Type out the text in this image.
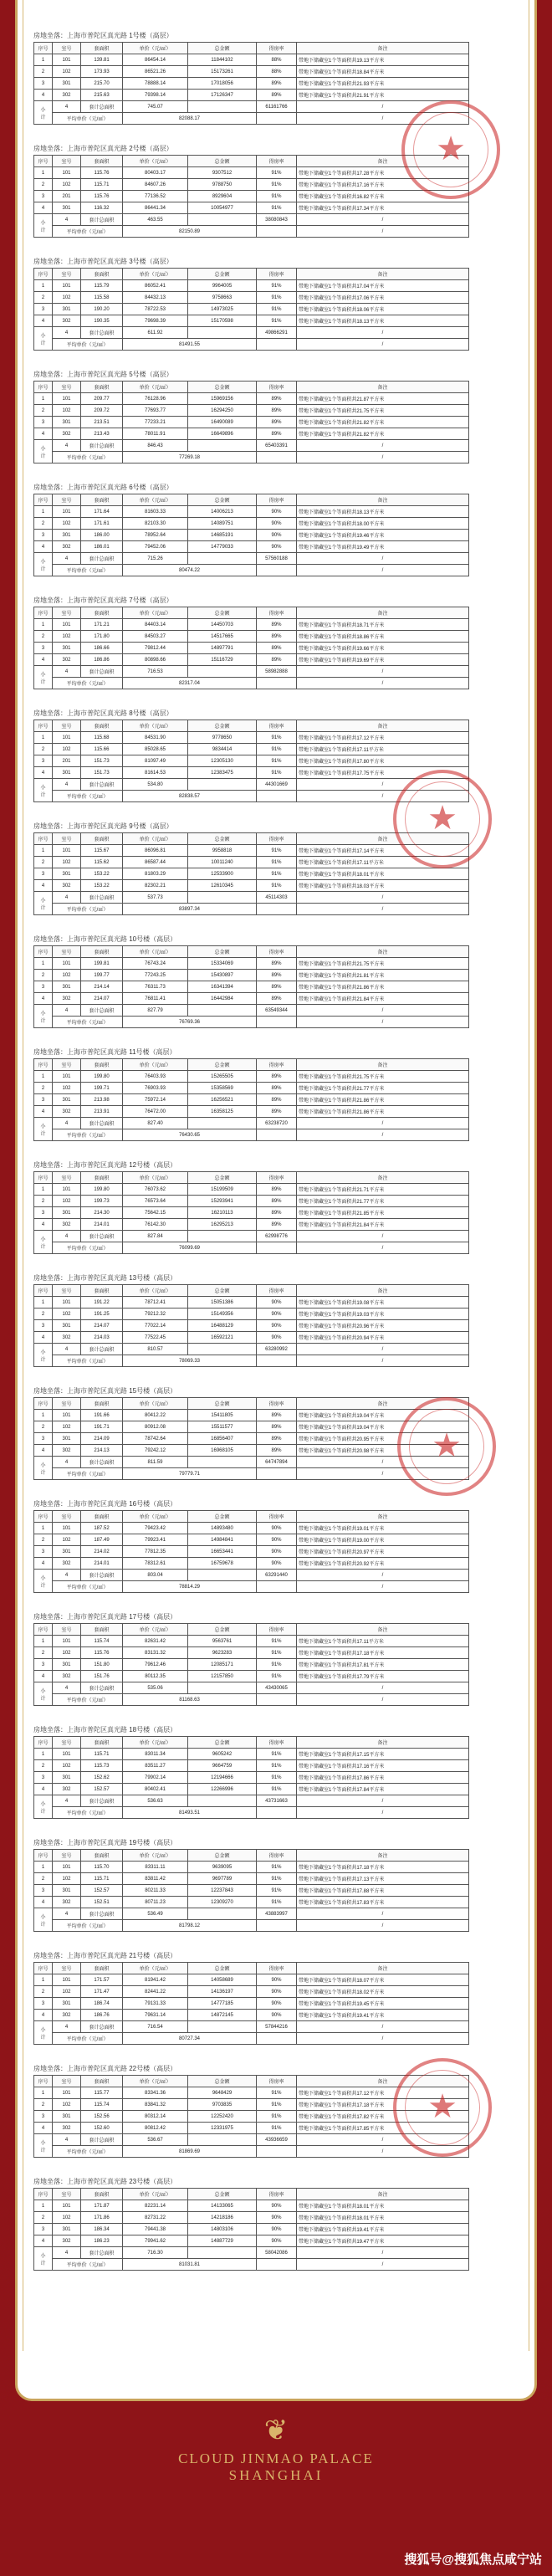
房地坐落：上海市普陀区真光路 1号楼（高层）
序号	室号	套面积	单价（元/㎡）	总金额	得房率	备注
1	101	139.81	86454.14	11844102	88%	带地下储藏室1个等面积共19.13平方米
2	102	173.93	86521.26	15173261	88%	带地下储藏室1个等面积共18.84平方米
3	301	215.70	78888.14	17018056	89%	带地下储藏室1个等面积共21.93平方米
4	302	215.63	79398.14	17126347	89%	带地下储藏室1个等面积共21.91平方米

小
计	4	套计总面积	745.07		61161766	/
	平均单价（元/㎡）		82088.17			/
房地坐落：上海市普陀区真光路 2号楼（高层）
序号	室号	套面积	单价（元/㎡）	总金额	得房率	备注
1	101	115.76	80403.17	9307512	91%	带地下储藏室1个等面积共17.28平方米
2	102	115.71	84607.26	9788750	91%	带地下储藏室1个等面积共17.16平方米
3	201	115.76	77136.52	8929604	91%	带地下储藏室1个等面积共16.82平方米
4	301	116.32	86441.34	10054977	91%	带地下储藏室1个等面积共17.34平方米

小
计	4	套计总面积	463.55		38080843	/
	平均单价（元/㎡）		82150.89			/
房地坐落：上海市普陀区真光路 3号楼（高层）
序号	室号	套面积	单价（元/㎡）	总金额	得房率	备注
1	101	115.79	86052.41	9964005	91%	带地下储藏室1个等面积共17.04平方米
2	102	115.58	84432.13	9758663	91%	带地下储藏室1个等面积共17.06平方米
3	301	190.20	78722.53	14973025	91%	带地下储藏室1个等面积共18.06平方米
4	302	190.35	79698.39	15170598	91%	带地下储藏室1个等面积共18.13平方米

小
计	4	套计总面积	611.92		49866291	/
	平均单价（元/㎡）		81491.55			/
房地坐落：上海市普陀区真光路 5号楼（高层）
序号	室号	套面积	单价（元/㎡）	总金额	得房率	备注
1	101	209.77	76128.96	15969156	89%	带地下储藏室1个等面积共21.87平方米
2	102	209.72	77693.77	16294250	89%	带地下储藏室1个等面积共21.75平方米
3	301	213.51	77233.21	16490089	89%	带地下储藏室1个等面积共21.82平方米
4	302	213.43	78011.91	16649896	89%	带地下储藏室1个等面积共21.82平方米

小
计	4	套计总面积	846.43		65403391	/
	平均单价（元/㎡）		77269.18			/
房地坐落：上海市普陀区真光路 6号楼（高层）
序号	室号	套面积	单价（元/㎡）	总金额	得房率	备注
1	101	171.64	81603.33	14006213	90%	带地下储藏室1个等面积共18.13平方米
2	102	171.61	82103.30	14089751	90%	带地下储藏室1个等面积共18.00平方米
3	301	186.00	78952.64	14685191	90%	带地下储藏室1个等面积共19.46平方米
4	302	186.01	79452.06	14779033	90%	带地下储藏室1个等面积共19.49平方米

小
计	4	套计总面积	715.26		57560188	/
	平均单价（元/㎡）		80474.22			/
房地坐落：上海市普陀区真光路 7号楼（高层）
序号	室号	套面积	单价（元/㎡）	总金额	得房率	备注
1	101	171.21	84403.14	14450703	89%	带地下储藏室1个等面积共18.71平方米
2	102	171.80	84503.27	14517665	89%	带地下储藏室1个等面积共18.86平方米
3	301	186.66	79812.44	14897791	89%	带地下储藏室1个等面积共19.66平方米
4	302	186.86	80898.66	15116729	89%	带地下储藏室1个等面积共19.69平方米

小
计	4	套计总面积	716.53		58982888	/
	平均单价（元/㎡）		82317.04			/
房地坐落：上海市普陀区真光路 8号楼（高层）
序号	室号	套面积	单价（元/㎡）	总金额	得房率	备注
1	101	115.68	84531.90	9778650	91%	带地下储藏室1个等面积共17.12平方米
2	102	115.66	85028.65	9834414	91%	带地下储藏室1个等面积共17.11平方米
3	201	151.73	81097.49	12305130	91%	带地下储藏室1个等面积共17.80平方米
4	301	151.73	81614.53	12383475	91%	带地下储藏室1个等面积共17.75平方米

小
计	4	套计总面积	534.80		44301669	/
	平均单价（元/㎡）		82838.57			/
房地坐落：上海市普陀区真光路 9号楼（高层）
序号	室号	套面积	单价（元/㎡）	总金额	得房率	备注
1	101	115.67	86096.81	9958818	91%	带地下储藏室1个等面积共17.14平方米
2	102	115.62	86587.44	10011240	91%	带地下储藏室1个等面积共17.11平方米
3	301	153.22	81803.29	12533900	91%	带地下储藏室1个等面积共18.01平方米
4	302	153.22	82302.21	12610345	91%	带地下储藏室1个等面积共18.03平方米

小
计	4	套计总面积	537.73		45114303	/
	平均单价（元/㎡）		83897.34			/
房地坐落：上海市普陀区真光路 10号楼（高层）
序号	室号	套面积	单价（元/㎡）	总金额	得房率	备注
1	101	199.81	76743.24	15334069	89%	带地下储藏室1个等面积共21.75平方米
2	102	199.77	77243.25	15430897	89%	带地下储藏室1个等面积共21.81平方米
3	301	214.14	76311.73	16341394	89%	带地下储藏室1个等面积共21.86平方米
4	302	214.07	76811.41	16442984	89%	带地下储藏室1个等面积共21.84平方米

小
计	4	套计总面积	827.79		63549344	/
	平均单价（元/㎡）		76769.36			/
房地坐落：上海市普陀区真光路 11号楼（高层）
序号	室号	套面积	单价（元/㎡）	总金额	得房率	备注
1	101	199.80	76403.93	15265505	89%	带地下储藏室1个等面积共21.75平方米
2	102	199.71	76903.93	15358569	89%	带地下储藏室1个等面积共21.77平方米
3	301	213.98	75972.14	16256521	89%	带地下储藏室1个等面积共21.86平方米
4	302	213.91	76472.00	16358125	89%	带地下储藏室1个等面积共21.86平方米

小
计	4	套计总面积	827.40		63238720	/
	平均单价（元/㎡）		76430.65			/
房地坐落：上海市普陀区真光路 12号楼（高层）
序号	室号	套面积	单价（元/㎡）	总金额	得房率	备注
1	101	199.80	76073.62	15199509	89%	带地下储藏室1个等面积共21.71平方米
2	102	199.73	76573.64	15293941	89%	带地下储藏室1个等面积共21.77平方米
3	301	214.30	75642.15	16210113	89%	带地下储藏室1个等面积共21.85平方米
4	302	214.01	76142.30	16295213	89%	带地下储藏室1个等面积共21.84平方米

小
计	4	套计总面积	827.84		62998776	/
	平均单价（元/㎡）		76099.69			/
房地坐落：上海市普陀区真光路 13号楼（高层）
序号	室号	套面积	单价（元/㎡）	总金额	得房率	备注
1	101	191.22	78712.41	15051386	90%	带地下储藏室1个等面积共19.08平方米
2	102	191.25	79212.32	15149356	90%	带地下储藏室1个等面积共19.03平方米
3	301	214.07	77022.14	16488129	90%	带地下储藏室1个等面积共20.96平方米
4	302	214.03	77522.45	16592121	90%	带地下储藏室1个等面积共20.94平方米

小
计	4	套计总面积	810.57		63280992	/
	平均单价（元/㎡）		78069.33			/
房地坐落：上海市普陀区真光路 15号楼（高层）
序号	室号	套面积	单价（元/㎡）	总金额	得房率	备注
1	101	191.66	80412.22	15411805	89%	带地下储藏室1个等面积共19.04平方米
2	102	191.71	80912.08	15511577	89%	带地下储藏室1个等面积共19.04平方米
3	301	214.09	78742.64	16856407	89%	带地下储藏室1个等面积共20.95平方米
4	302	214.13	79242.12	16968105	89%	带地下储藏室1个等面积共20.98平方米

小
计	4	套计总面积	811.59		64747894	/
	平均单价（元/㎡）		79779.71			/
房地坐落：上海市普陀区真光路 16号楼（高层）
序号	室号	套面积	单价（元/㎡）	总金额	得房率	备注
1	101	187.52	79423.42	14893480	90%	带地下储藏室1个等面积共19.01平方米
2	102	187.49	79923.41	14984841	90%	带地下储藏室1个等面积共19.00平方米
3	301	214.02	77812.35	16653441	90%	带地下储藏室1个等面积共20.97平方米
4	302	214.01	78312.61	16759678	90%	带地下储藏室1个等面积共20.92平方米

小
计	4	套计总面积	803.04		63291440	/
	平均单价（元/㎡）		78814.29			/
房地坐落：上海市普陀区真光路 17号楼（高层）
序号	室号	套面积	单价（元/㎡）	总金额	得房率	备注
1	101	115.74	82631.42	9563761	91%	带地下储藏室1个等面积共17.11平方米
2	102	115.76	83131.32	9623283	91%	带地下储藏室1个等面积共17.18平方米
3	301	151.80	79612.46	12085171	91%	带地下储藏室1个等面积共17.81平方米
4	302	151.76	80112.35	12157850	91%	带地下储藏室1个等面积共17.79平方米

小
计	4	套计总面积	535.06		43430065	/
	平均单价（元/㎡）		81168.63			/
房地坐落：上海市普陀区真光路 18号楼（高层）
序号	室号	套面积	单价（元/㎡）	总金额	得房率	备注
1	101	115.71	83011.34	9605242	91%	带地下储藏室1个等面积共17.15平方米
2	102	115.73	83511.27	9664759	91%	带地下储藏室1个等面积共17.16平方米
3	301	152.62	79902.14	12194666	91%	带地下储藏室1个等面积共17.86平方米
4	302	152.57	80402.41	12266996	91%	带地下储藏室1个等面积共17.84平方米

小
计	4	套计总面积	536.63		43731663	/
	平均单价（元/㎡）		81493.51			/
房地坐落：上海市普陀区真光路 19号楼（高层）
序号	室号	套面积	单价（元/㎡）	总金额	得房率	备注
1	101	115.70	83311.11	9639095	91%	带地下储藏室1个等面积共17.18平方米
2	102	115.71	83811.42	9697789	91%	带地下储藏室1个等面积共17.13平方米
3	301	152.57	80211.33	12237843	91%	带地下储藏室1个等面积共17.88平方米
4	302	152.51	80711.23	12309270	91%	带地下储藏室1个等面积共17.83平方米

小
计	4	套计总面积	536.49		43883997	/
	平均单价（元/㎡）		81798.12			/
房地坐落：上海市普陀区真光路 21号楼（高层）
序号	室号	套面积	单价（元/㎡）	总金额	得房率	备注
1	101	171.57	81941.42	14058689	90%	带地下储藏室1个等面积共18.07平方米
2	102	171.47	82441.22	14136197	90%	带地下储藏室1个等面积共18.02平方米
3	301	186.74	79131.33	14777185	90%	带地下储藏室1个等面积共19.45平方米
4	302	186.76	79631.14	14872145	90%	带地下储藏室1个等面积共19.41平方米

小
计	4	套计总面积	716.54		57844216	/
	平均单价（元/㎡）		80727.34			/
房地坐落：上海市普陀区真光路 22号楼（高层）
序号	室号	套面积	单价（元/㎡）	总金额	得房率	备注
1	101	115.77	83341.36	9648429	91%	带地下储藏室1个等面积共17.12平方米
2	102	115.74	83841.32	9703835	91%	带地下储藏室1个等面积共17.18平方米
3	301	152.56	80312.14	12252420	91%	带地下储藏室1个等面积共17.82平方米
4	302	152.60	80812.42	12331975	91%	带地下储藏室1个等面积共17.85平方米

小
计	4	套计总面积	536.67		43936659	/
	平均单价（元/㎡）		81869.69			/
房地坐落：上海市普陀区真光路 23号楼（高层）
序号	室号	套面积	单价（元/㎡）	总金额	得房率	备注
1	101	171.87	82231.14	14133065	90%	带地下储藏室1个等面积共18.01平方米
2	102	171.86	82731.22	14218186	90%	带地下储藏室1个等面积共18.01平方米
3	301	186.34	79441.38	14803106	90%	带地下储藏室1个等面积共19.41平方米
4	302	186.23	79941.62	14887729	90%	带地下储藏室1个等面积共19.47平方米

小
计	4	套计总面积	716.30		58042086	/
	平均单价（元/㎡）		81031.81			/
★
★
★
★
❦
CLOUD JINMAO PALACE
SHANGHAI
搜狐号@搜狐焦点咸宁站
